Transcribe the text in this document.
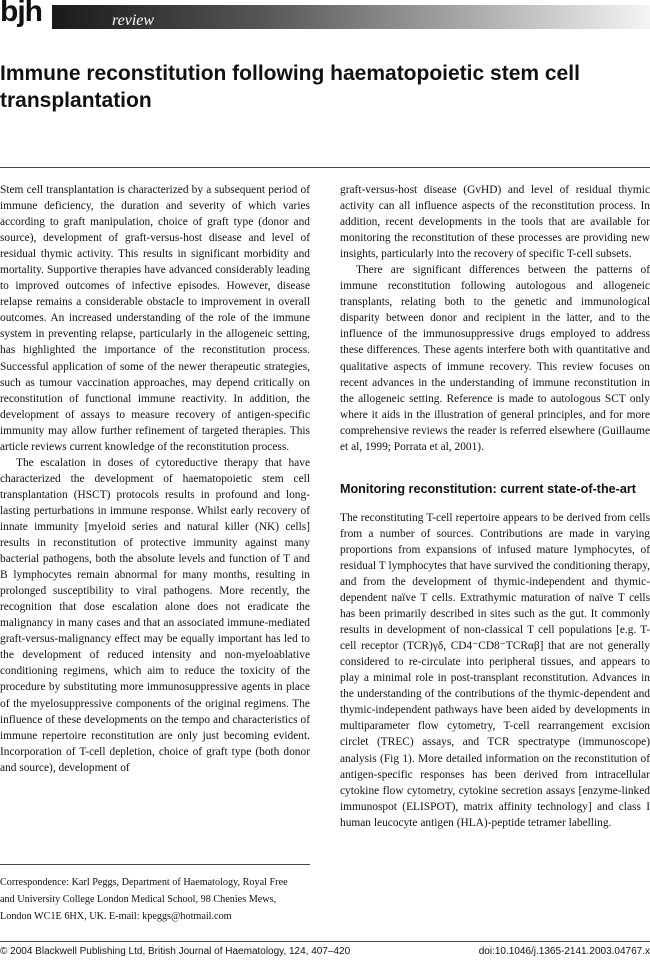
bjh	review
Immune reconstitution following haematopoietic stem cell transplantation

Stem cell transplantation is characterized by a subsequent period of immune deficiency, the duration and severity of which varies according to graft manipulation, choice of graft type (donor and source), development of graft-versus-host disease and level of residual thymic activity. This results in significant morbidity and mortality. Supportive therapies have advanced considerably leading to improved outcomes of infective episodes. However, disease relapse remains a considerable obstacle to improvement in overall outcomes. An increased understanding of the role of the immune system in preventing relapse, particularly in the allogeneic setting, has highlighted the importance of the reconstitution process. Successful application of some of the newer therapeutic strategies, such as tumour vaccination approaches, may depend critically on reconstitution of functional immune reactivity. In addition, the development of assays to measure recovery of antigen-specific immunity may allow further refinement of targeted therapies. This article reviews current knowledge of the reconstitution process.

The escalation in doses of cytoreductive therapy that have characterized the development of haematopoietic stem cell transplantation (HSCT) protocols results in profound and long-lasting perturbations in immune response. Whilst early recovery of innate immunity [myeloid series and natural killer (NK) cells] results in reconstitution of protective immunity against many bacterial pathogens, both the absolute levels and function of T and B lymphocytes remain abnormal for many months, resulting in prolonged susceptibility to viral pathogens. More recently, the recognition that dose escalation alone does not eradicate the malignancy in many cases and that an associated immune-mediated graft-versus-malignancy effect may be equally important has led to the development of reduced intensity and non-myeloablative conditioning regimens, which aim to reduce the toxicity of the procedure by substituting more immunosuppressive agents in place of the myelosuppressive components of the original regimens. The influence of these developments on the tempo and characteristics of immune repertoire reconstitution are only just becoming evident. Incorporation of T-cell depletion, choice of graft type (both donor and source), development of

graft-versus-host disease (GvHD) and level of residual thymic activity can all influence aspects of the reconstitution process. In addition, recent developments in the tools that are available for monitoring the reconstitution of these processes are providing new insights, particularly into the recovery of specific T-cell subsets.

There are significant differences between the patterns of immune reconstitution following autologous and allogeneic transplants, relating both to the genetic and immunological disparity between donor and recipient in the latter, and to the influence of the immunosuppressive drugs employed to address these differences. These agents interfere both with quantitative and qualitative aspects of immune recovery. This review focuses on recent advances in the understanding of immune reconstitution in the allogeneic setting. Reference is made to autologous SCT only where it aids in the illustration of general principles, and for more comprehensive reviews the reader is referred elsewhere (Guillaume et al, 1999; Porrata et al, 2001).

Monitoring reconstitution: current state-of-the-art

The reconstituting T-cell repertoire appears to be derived from cells from a number of sources. Contributions are made in varying proportions from expansions of infused mature lymphocytes, of residual T lymphocytes that have survived the conditioning therapy, and from the development of thymic-independent and thymic-dependent naïve T cells. Extrathymic maturation of naïve T cells has been primarily described in sites such as the gut. It commonly results in development of non-classical T cell populations [e.g. T-cell receptor (TCR)γδ, CD4⁻CD8⁻TCRαβ] that are not generally considered to re-circulate into peripheral tissues, and appears to play a minimal role in post-transplant reconstitution. Advances in the understanding of the contributions of the thymic-dependent and thymic-independent pathways have been aided by developments in multiparameter flow cytometry, T-cell rearrangement excision circlet (TREC) assays, and TCR spectratype (immunoscope) analysis (Fig 1). More detailed information on the reconstitution of antigen-specific responses has been derived from intracellular cytokine flow cytometry, cytokine secretion assays [enzyme-linked immunospot (ELISPOT), matrix affinity technology] and class I human leucocyte antigen (HLA)-peptide tetramer labelling.

Correspondence: Karl Peggs, Department of Haematology, Royal Free

and University College London Medical School, 98 Chenies Mews,

London WC1E 6HX, UK. E-mail: kpeggs@hotmail.com

© 2004 Blackwell Publishing Ltd, British Journal of Haematology, 124, 407–420	doi:10.1046/j.1365-2141.2003.04767.x
